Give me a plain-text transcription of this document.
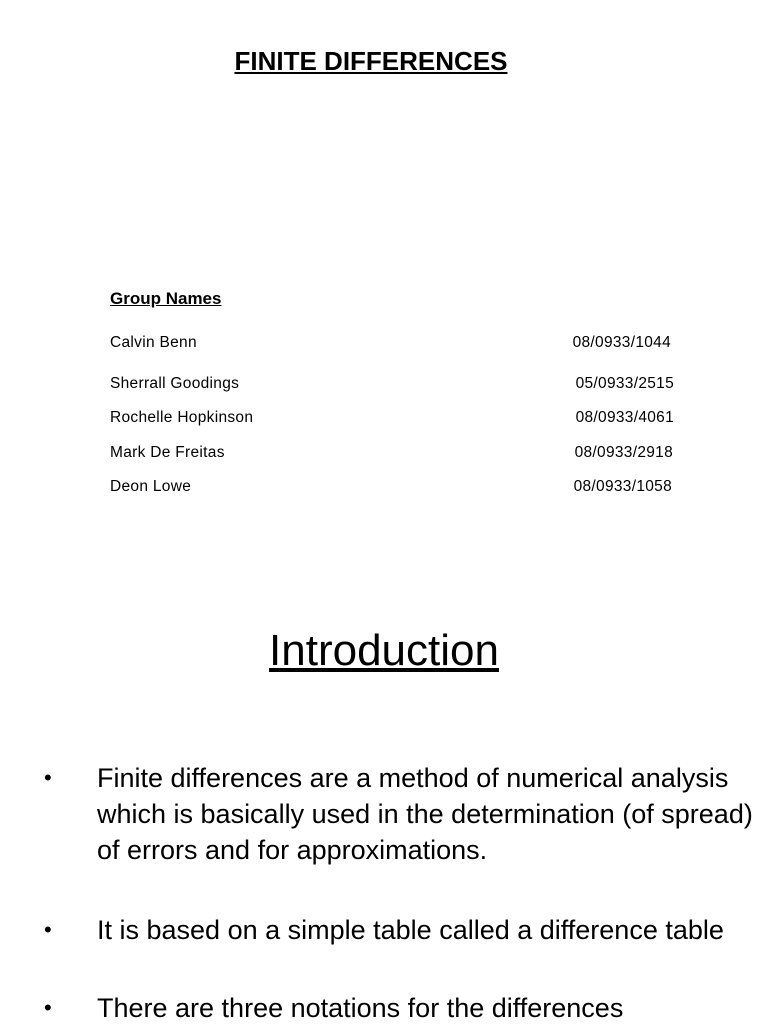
FINITE DIFFERENCES
Group Names
Calvin Benn	08/0933/1044
Sherrall Goodings	05/0933/2515
Rochelle Hopkinson	08/0933/4061
Mark De Freitas	08/0933/2918
Deon Lowe	08/0933/1058
Introduction
• Finite differences are a method of numerical analysis which is basically used in the determination (of spread) of errors and for approximations.
• It is based on a simple table called a difference table
• There are three notations for the differences
